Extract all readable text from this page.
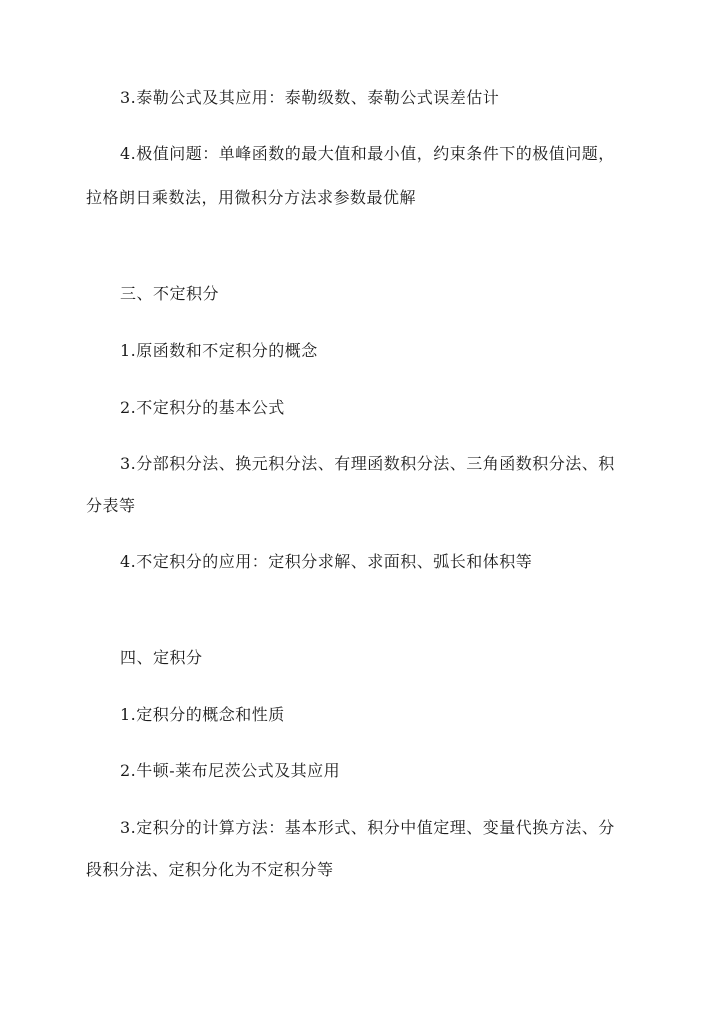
3.泰勒公式及其应用：泰勒级数、泰勒公式误差估计
4.极值问题：单峰函数的最大值和最小值，约束条件下的极值问题，
拉格朗日乘数法，用微积分方法求参数最优解
三、不定积分
1.原函数和不定积分的概念
2.不定积分的基本公式
3.分部积分法、换元积分法、有理函数积分法、三角函数积分法、积
分表等
4.不定积分的应用：定积分求解、求面积、弧长和体积等
四、定积分
1.定积分的概念和性质
2.牛顿-莱布尼茨公式及其应用
3.定积分的计算方法：基本形式、积分中值定理、变量代换方法、分
段积分法、定积分化为不定积分等
